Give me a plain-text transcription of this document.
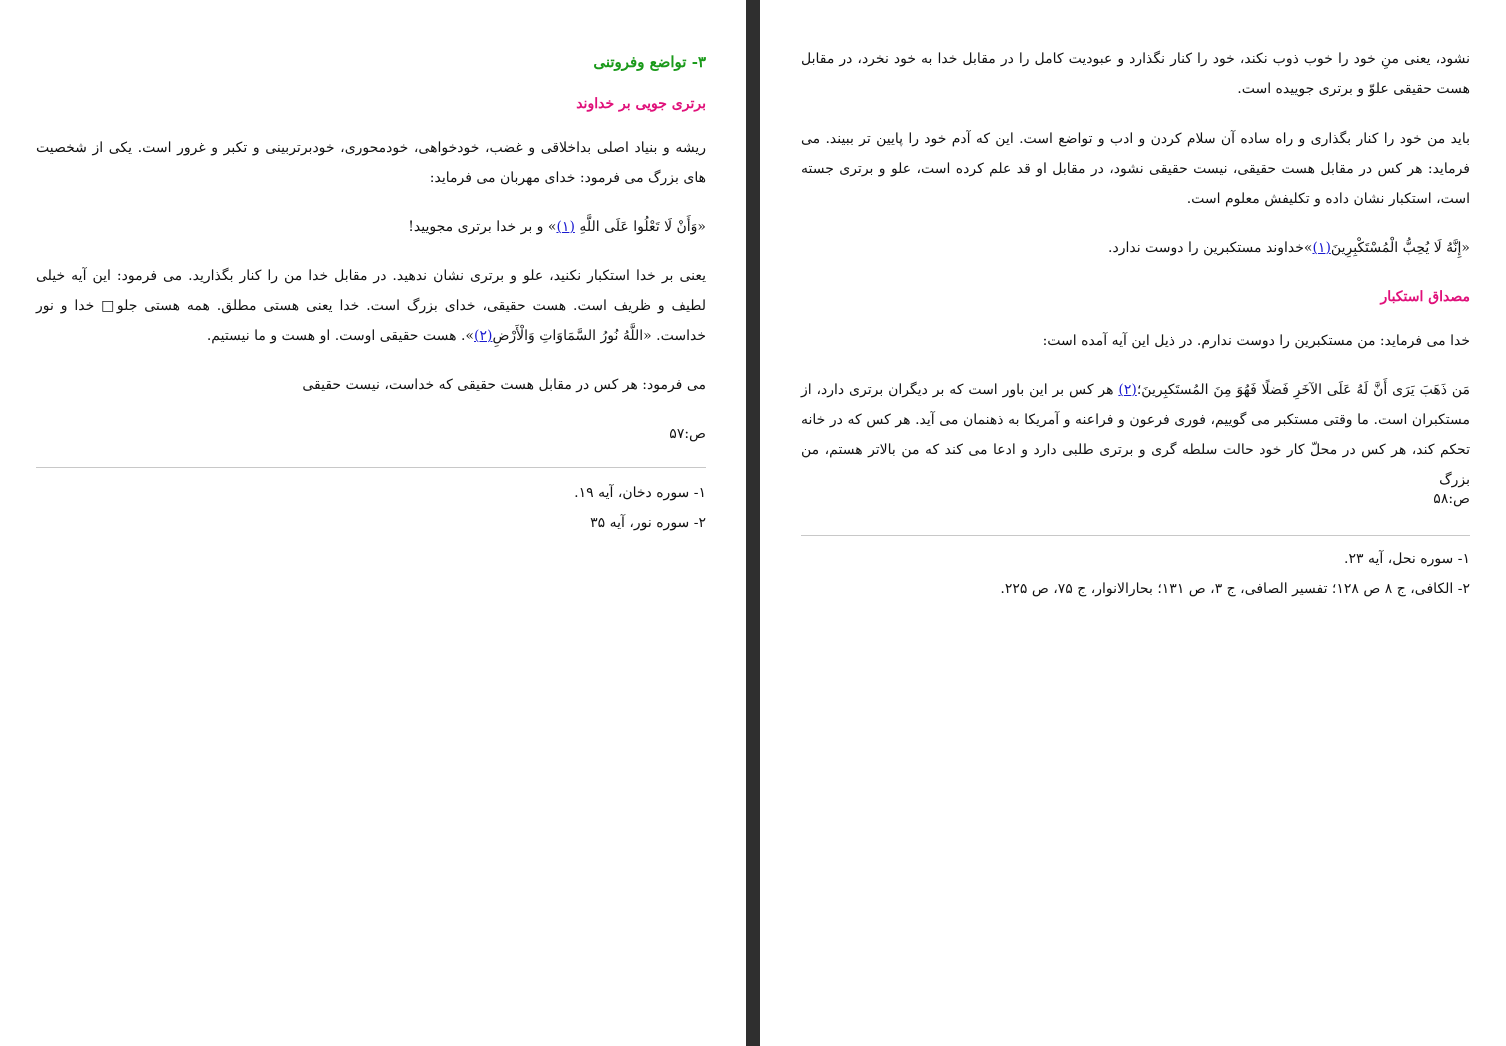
۳- تواضع وفروتنی
برتری جویی بر خداوند
ریشه و بنیاد اصلی بداخلاقی و غضب، خودخواهی، خودمحوری، خودبرتربینی و تکبر و غرور است. یکی از شخصیت های بزرگ می فرمود: خدای مهربان می فرماید:
«وَأَنْ لَا تَعْلُوا عَلَى اللَّهِ (۱)» و بر خدا برتری مجویید!
یعنی بر خدا استکبار نکنید، علو و برتری نشان ندهید. در مقابل خدا من را کنار بگذارید. می فرمود: این آیه خیلی لطیف و ظریف است. هست حقیقی، خدای بزرگ است. خدا یعنی هستی مطلق. همه هستی جلو□ خدا و نور خداست. «اللَّهُ نُورُ السَّمَاوَاتِ وَالْأَرْضِ(۲)». هست حقیقی اوست. او هست و ما نیستیم.
می فرمود: هر کس در مقابل هست حقیقی که خداست، نیست حقیقی
ص:۵۷
۱- سوره دخان، آیه ۱۹.
۲- سوره نور، آیه ۳۵
نشود، یعنی منِ خود را خوب ذوب نکند، خود را کنار نگذارد و عبودیت کامل را در مقابل خدا به خود نخرد، در مقابل هست حقیقی علوّ و برتری جوییده است.
باید من خود را کنار بگذاری و راه ساده آن سلام کردن و ادب و تواضع است. این که آدم خود را پایین تر ببیند. می فرماید: هر کس در مقابل هست حقیقی، نیست حقیقی نشود، در مقابل او قد علم کرده است، علو و برتری جسته است، استکبار نشان داده و تکلیفش معلوم است.
«إِنَّهُ لَا يُحِبُّ الْمُسْتَكْبِرِينَ(۱)»خداوند مستکبرین را دوست ندارد.
مصداق استکبار
خدا می فرماید: من مستکبرین را دوست ندارم. در ذیل این آیه آمده است:
مَن ذَهَبَ يَرَى أَنَّ لَهُ عَلَى الآخَرِ فَضلًا فَهُوَ مِنَ المُستَكبِرينَ؛(۲) هر کس بر این باور است که بر دیگران برتری دارد، از مستکبران است. ما وقتی مستکبر می گوییم، فوری فرعون و فراعنه و آمریکا به ذهنمان می آید. هر کس که در خانه تحکم کند، هر کس در محلّ کار خود حالت سلطه گری و برتری طلبی دارد و ادعا می کند که من بالاتر هستم، من بزرگ
ص:۵۸
۱- سوره نحل، آیه ۲۳.
۲- الکافی، ج ۸ ص ۱۲۸؛ تفسیر الصافی، ج ۳، ص ۱۳۱؛ بحارالانوار، ج ۷۵، ص ۲۲۵.
